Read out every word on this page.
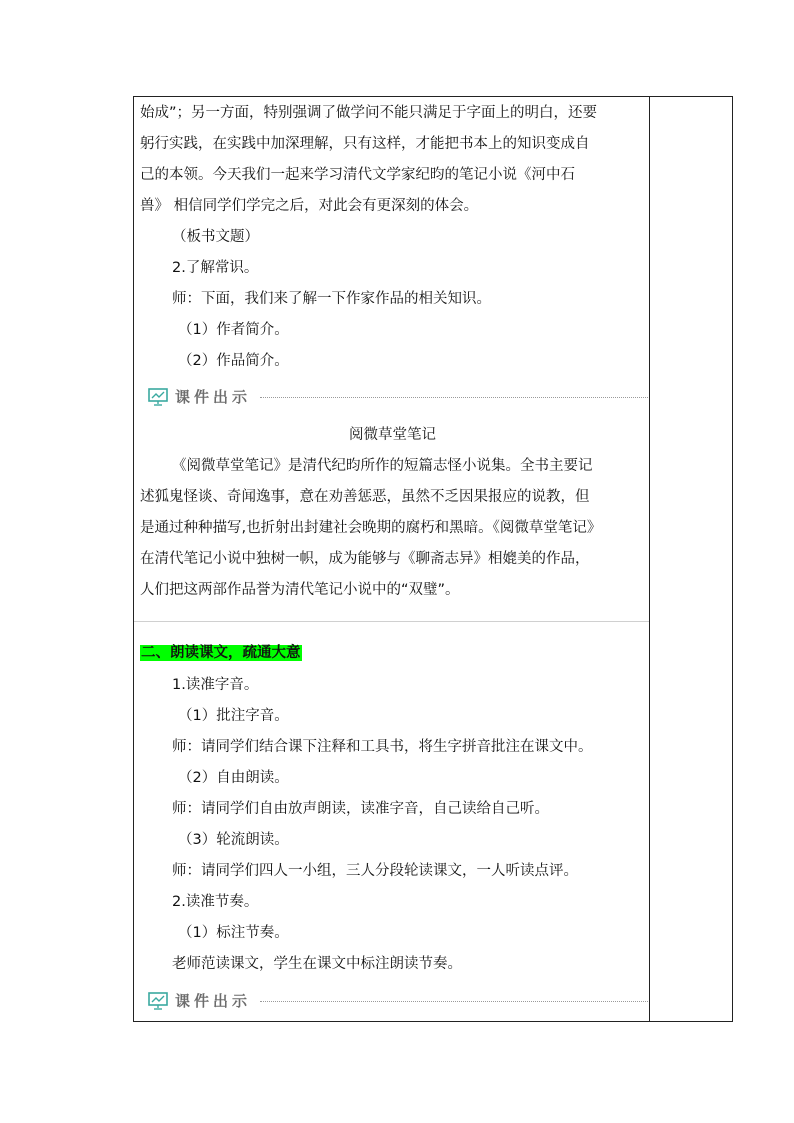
始成”；另一方面，特别强调了做学问不能只满足于字面上的明白，还要
躬行实践，在实践中加深理解，只有这样，才能把书本上的知识变成自
己的本领。今天我们一起来学习清代文学家纪昀的笔记小说《河中石
兽》 相信同学们学完之后，对此会有更深刻的体会。
（板书文题）
2.了解常识。
师：下面，我们来了解一下作家作品的相关知识。
（1）作者简介。
（2）作品简介。
课件出示
阅微草堂笔记
《阅微草堂笔记》是清代纪昀所作的短篇志怪小说集。全书主要记
述狐鬼怪谈、奇闻逸事，意在劝善惩恶，虽然不乏因果报应的说教，但
是通过种种描写,也折射出封建社会晚期的腐朽和黑暗。《阅微草堂笔记》
在清代笔记小说中独树一帜，成为能够与《聊斋志异》相媲美的作品，
人们把这两部作品誉为清代笔记小说中的“双璧”。
二、朗读课文，疏通大意
1.读准字音。
（1）批注字音。
师：请同学们结合课下注释和工具书，将生字拼音批注在课文中。
（2）自由朗读。
师：请同学们自由放声朗读，读准字音，自己读给自己听。
（3）轮流朗读。
师：请同学们四人一小组，三人分段轮读课文，一人听读点评。
2.读准节奏。
（1）标注节奏。
老师范读课文，学生在课文中标注朗读节奏。
课件出示
